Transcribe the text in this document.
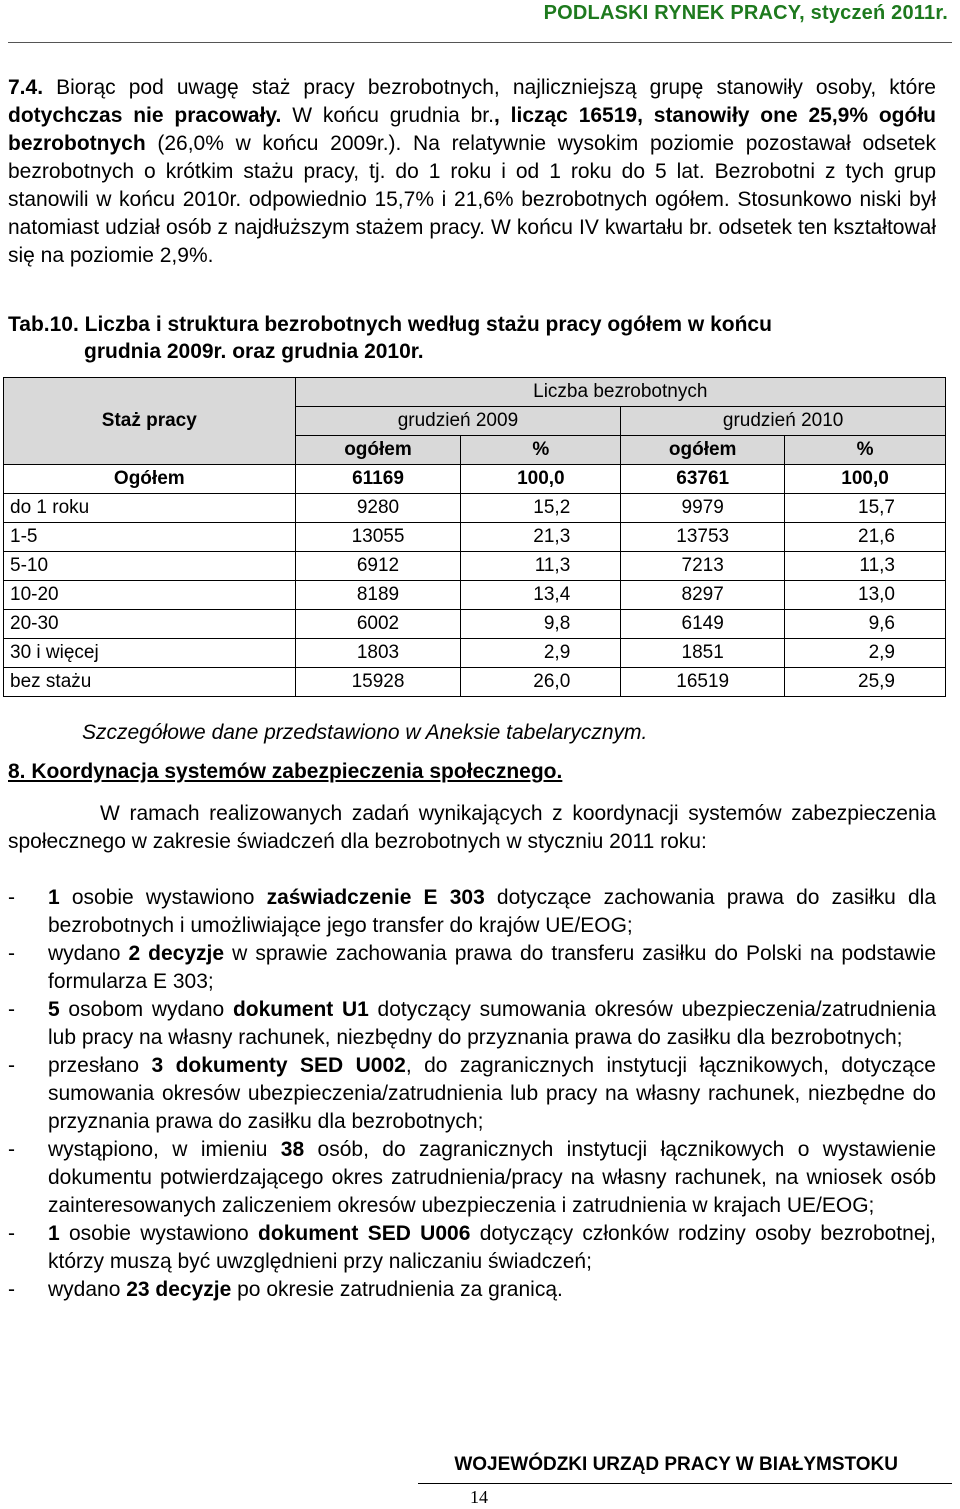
PODLASKI RYNEK PRACY, styczeń 2011r.
7.4. Biorąc pod uwagę staż pracy bezrobotnych, najliczniejszą grupę stanowiły osoby, które dotychczas nie pracowały. W końcu grudnia br., licząc 16519, stanowiły one 25,9% ogółu bezrobotnych (26,0% w końcu 2009r.). Na relatywnie wysokim poziomie pozostawał odsetek bezrobotnych o krótkim stażu pracy, tj. do 1 roku i od 1 roku do 5 lat. Bezrobotni z tych grup stanowili w końcu 2010r. odpowiednio 15,7% i 21,6% bezrobotnych ogółem. Stosunkowo niski był natomiast udział osób z najdłuższym stażem pracy. W końcu IV kwartału br. odsetek ten kształtował się na poziomie 2,9%.
Tab.10. Liczba i struktura bezrobotnych według stażu pracy ogółem w końcu
grudnia 2009r. oraz grudnia 2010r.
Staż pracy	Liczba bezrobotnych			
	grudzień 2009		grudzień 2010	
	ogółem	%	ogółem	%
Ogółem	61169	100,0	63761	100,0
do 1 roku	9280	15,2	9979	15,7
1-5	13055	21,3	13753	21,6
5-10	6912	11,3	7213	11,3
10-20	8189	13,4	8297	13,0
20-30	6002	9,8	6149	9,6
30 i więcej	1803	2,9	1851	2,9
bez stażu	15928	26,0	16519	25,9
Szczegółowe dane przedstawiono w Aneksie tabelarycznym.
8. Koordynacja systemów zabezpieczenia społecznego.
W ramach realizowanych zadań wynikających z koordynacji systemów zabezpieczenia społecznego w zakresie świadczeń dla bezrobotnych w styczniu 2011 roku:
-	1 osobie wystawiono zaświadczenie E 303 dotyczące zachowania prawa do zasiłku dla bezrobotnych i umożliwiające jego transfer do krajów UE/EOG;
-	wydano 2 decyzje w sprawie zachowania prawa do transferu zasiłku do Polski na podstawie formularza E 303;
-	5 osobom wydano dokument U1 dotyczący sumowania okresów ubezpieczenia/zatrudnienia lub pracy na własny rachunek, niezbędny do przyznania prawa do zasiłku dla bezrobotnych;
-	przesłano 3 dokumenty SED U002, do zagranicznych instytucji łącznikowych, dotyczące sumowania okresów ubezpieczenia/zatrudnienia lub pracy na własny rachunek, niezbędne do przyznania prawa do zasiłku dla bezrobotnych;
-	wystąpiono, w imieniu 38 osób, do zagranicznych instytucji łącznikowych o wystawienie dokumentu potwierdzającego okres zatrudnienia/pracy na własny rachunek, na wniosek osób zainteresowanych zaliczeniem okresów ubezpieczenia i zatrudnienia w krajach UE/EOG;
-	1 osobie wystawiono dokument SED U006 dotyczący członków rodziny osoby bezrobotnej, którzy muszą być uwzględnieni przy naliczaniu świadczeń;
-	wydano 23 decyzje po okresie zatrudnienia za granicą.
WOJEWÓDZKI URZĄD PRACY W BIAŁYMSTOKU
14
